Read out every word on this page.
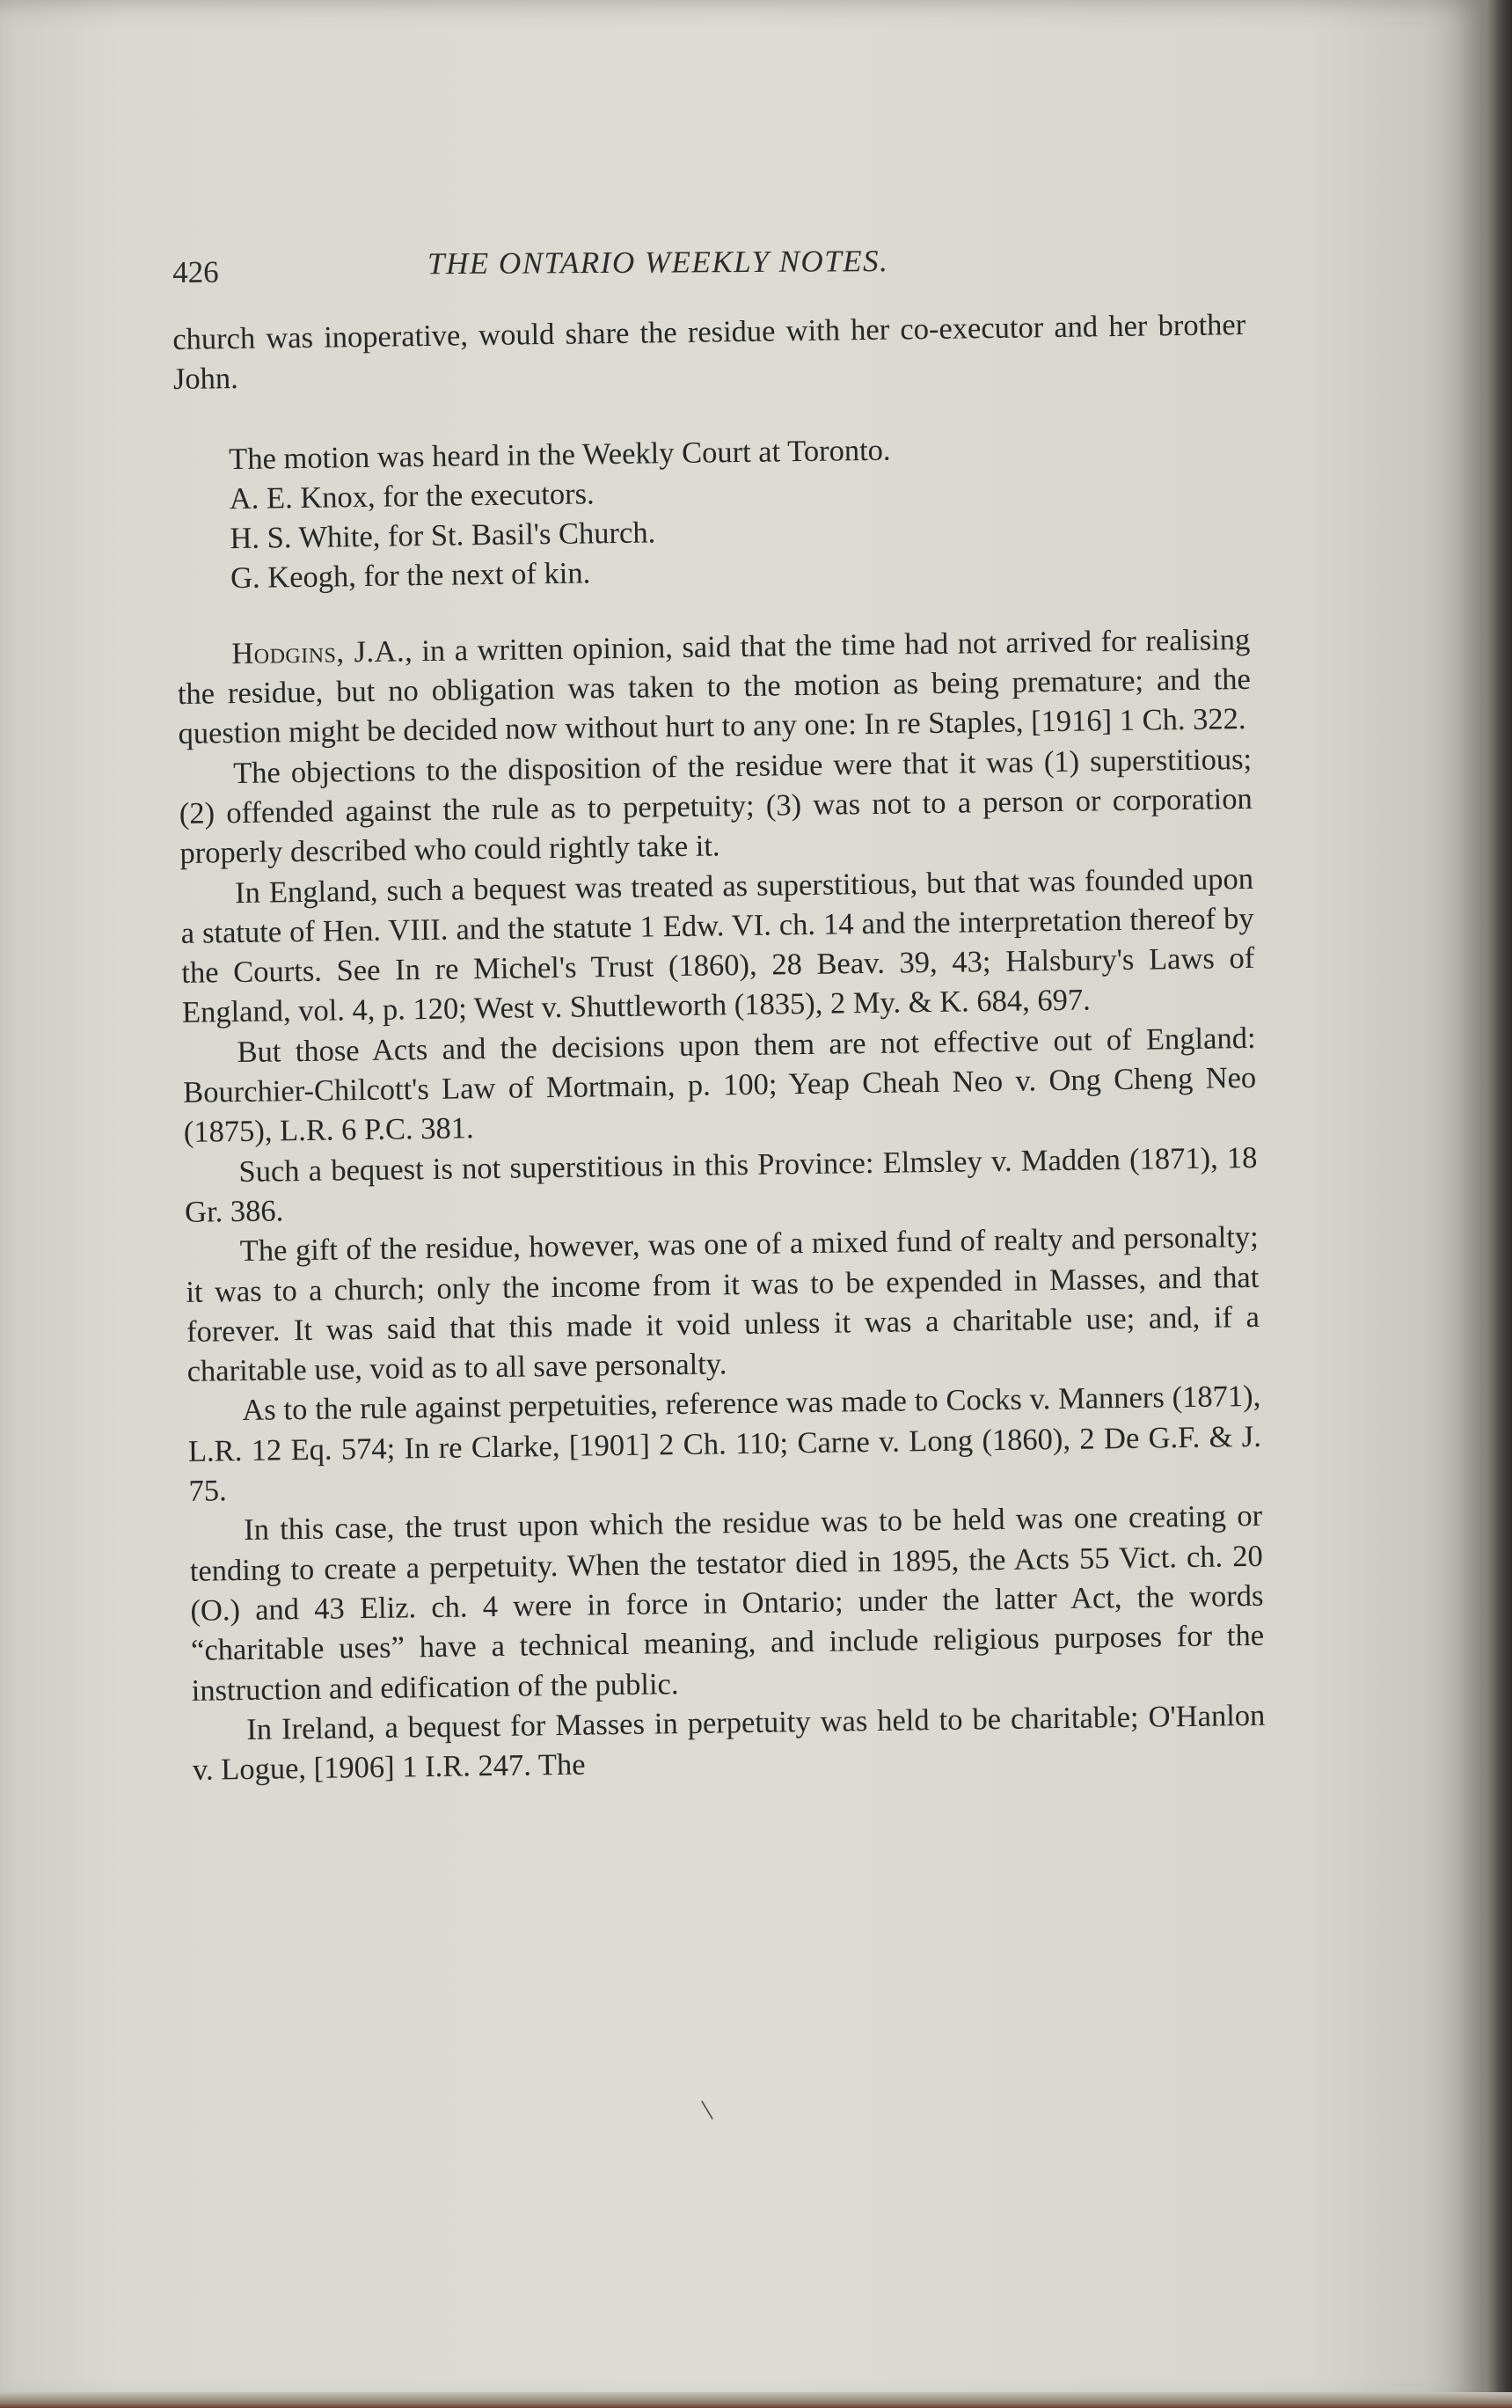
426	THE ONTARIO WEEKLY NOTES.

church was inoperative, would share the residue with her co-executor and her brother John.

The motion was heard in the Weekly Court at Toronto.

A. E. Knox, for the executors.

H. S. White, for St. Basil's Church.

G. Keogh, for the next of kin.

Hodgins, J.A., in a written opinion, said that the time had not arrived for realising the residue, but no obligation was taken to the motion as being premature; and the question might be decided now without hurt to any one: In re Staples, [1916] 1 Ch. 322.

The objections to the disposition of the residue were that it was (1) superstitious; (2) offended against the rule as to perpetuity; (3) was not to a person or corporation properly described who could rightly take it.

In England, such a bequest was treated as superstitious, but that was founded upon a statute of Hen. VIII. and the statute 1 Edw. VI. ch. 14 and the interpretation thereof by the Courts. See In re Michel's Trust (1860), 28 Beav. 39, 43; Halsbury's Laws of England, vol. 4, p. 120; West v. Shuttleworth (1835), 2 My. & K. 684, 697.

But those Acts and the decisions upon them are not effective out of England: Bourchier-Chilcott's Law of Mortmain, p. 100; Yeap Cheah Neo v. Ong Cheng Neo (1875), L.R. 6 P.C. 381.

Such a bequest is not superstitious in this Province: Elmsley v. Madden (1871), 18 Gr. 386.

The gift of the residue, however, was one of a mixed fund of realty and personalty; it was to a church; only the income from it was to be expended in Masses, and that forever. It was said that this made it void unless it was a charitable use; and, if a charitable use, void as to all save personalty.

As to the rule against perpetuities, reference was made to Cocks v. Manners (1871), L.R. 12 Eq. 574; In re Clarke, [1901] 2 Ch. 110; Carne v. Long (1860), 2 De G.F. & J. 75.

In this case, the trust upon which the residue was to be held was one creating or tending to create a perpetuity. When the testator died in 1895, the Acts 55 Vict. ch. 20 (O.) and 43 Eliz. ch. 4 were in force in Ontario; under the latter Act, the words “charitable uses” have a technical meaning, and include religious purposes for the instruction and edification of the public.

In Ireland, a bequest for Masses in perpetuity was held to be charitable; O'Hanlon v. Logue, [1906] 1 I.R. 247. The

/
